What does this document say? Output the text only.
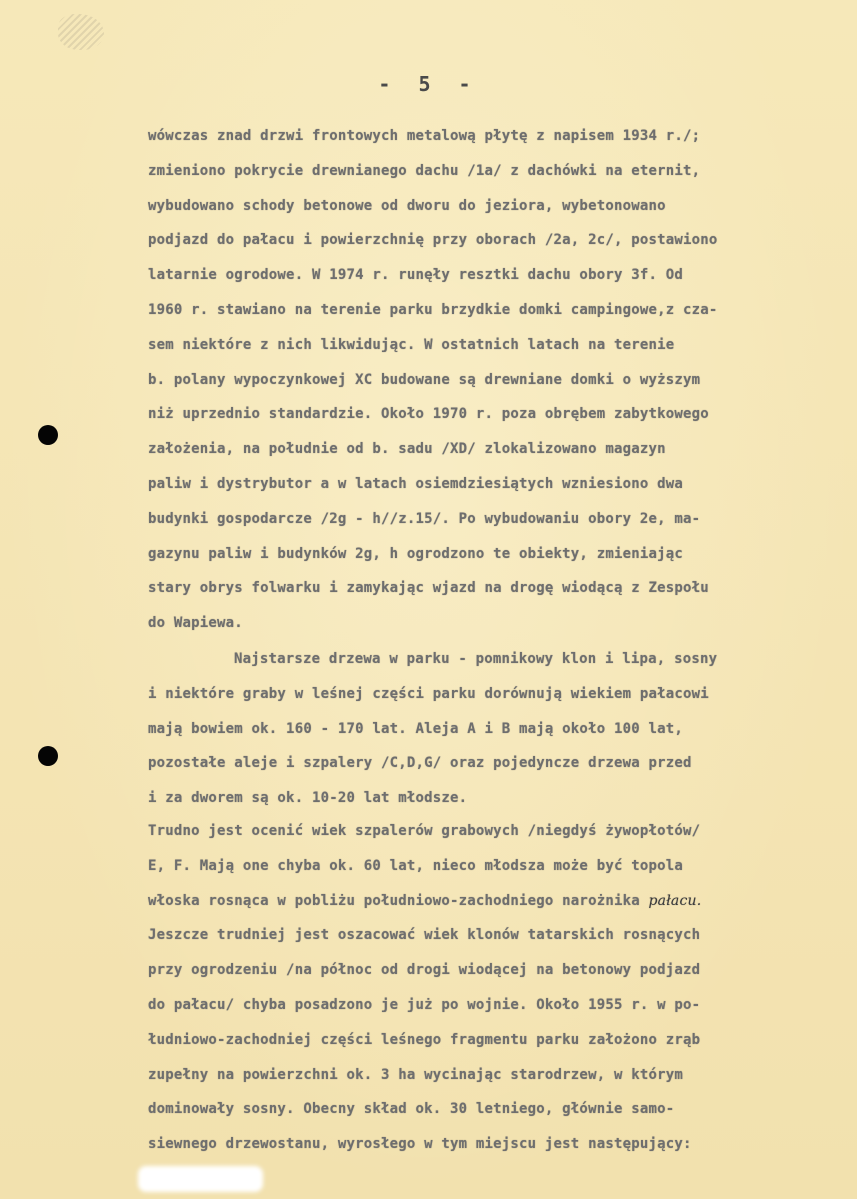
- 5 -
wówczas znad drzwi frontowych metalową płytę z napisem 1934 r./;
zmieniono pokrycie drewnianego dachu /1a/ z dachówki na eternit,
wybudowano schody betonowe od dworu do jeziora, wybetonowano
podjazd do pałacu i powierzchnię przy oborach /2a, 2c/, postawiono
latarnie ogrodowe. W 1974 r. runęły resztki dachu obory 3f. Od
1960 r. stawiano na terenie parku brzydkie domki campingowe,z cza-
sem niektóre z nich likwidując. W ostatnich latach na terenie
b. polany wypoczynkowej XC budowane są drewniane domki o wyższym
niż uprzednio standardzie. Około 1970 r. poza obrębem zabytkowego
założenia, na południe od b. sadu /XD/ zlokalizowano magazyn
paliw i dystrybutor a w latach osiemdziesiątych wzniesiono dwa
budynki gospodarcze /2g - h//z.15/. Po wybudowaniu obory 2e, ma-
gazynu paliw i budynków 2g, h ogrodzono te obiekty, zmieniając
stary obrys folwarku i zamykając wjazd na drogę wiodącą z Zespołu
do Wapiewa.
Najstarsze drzewa w parku - pomnikowy klon i lipa, sosny
i niektóre graby w leśnej części parku dorównują wiekiem pałacowi
mają bowiem ok. 160 - 170 lat. Aleja A i B mają około 100 lat,
pozostałe aleje i szpalery /C,D,G/ oraz pojedyncze drzewa przed
i za dworem są ok. 10-20 lat młodsze.
Trudno jest ocenić wiek szpalerów grabowych /niegdyś żywopłotów/
E, F. Mają one chyba ok. 60 lat, nieco młodsza może być topola
włoska rosnąca w pobliżu południowo-zachodniego narożnika pałacu.
Jeszcze trudniej jest oszacować wiek klonów tatarskich rosnących
przy ogrodzeniu /na północ od drogi wiodącej na betonowy podjazd
do pałacu/ chyba posadzono je już po wojnie. Około 1955 r. w po-
łudniowo-zachodniej części leśnego fragmentu parku założono zrąb
zupełny na powierzchni ok. 3 ha wycinając starodrzew, w którym
dominowały sosny. Obecny skład ok. 30 letniego, głównie samo-
siewnego drzewostanu, wyrosłego w tym miejscu jest następujący:
